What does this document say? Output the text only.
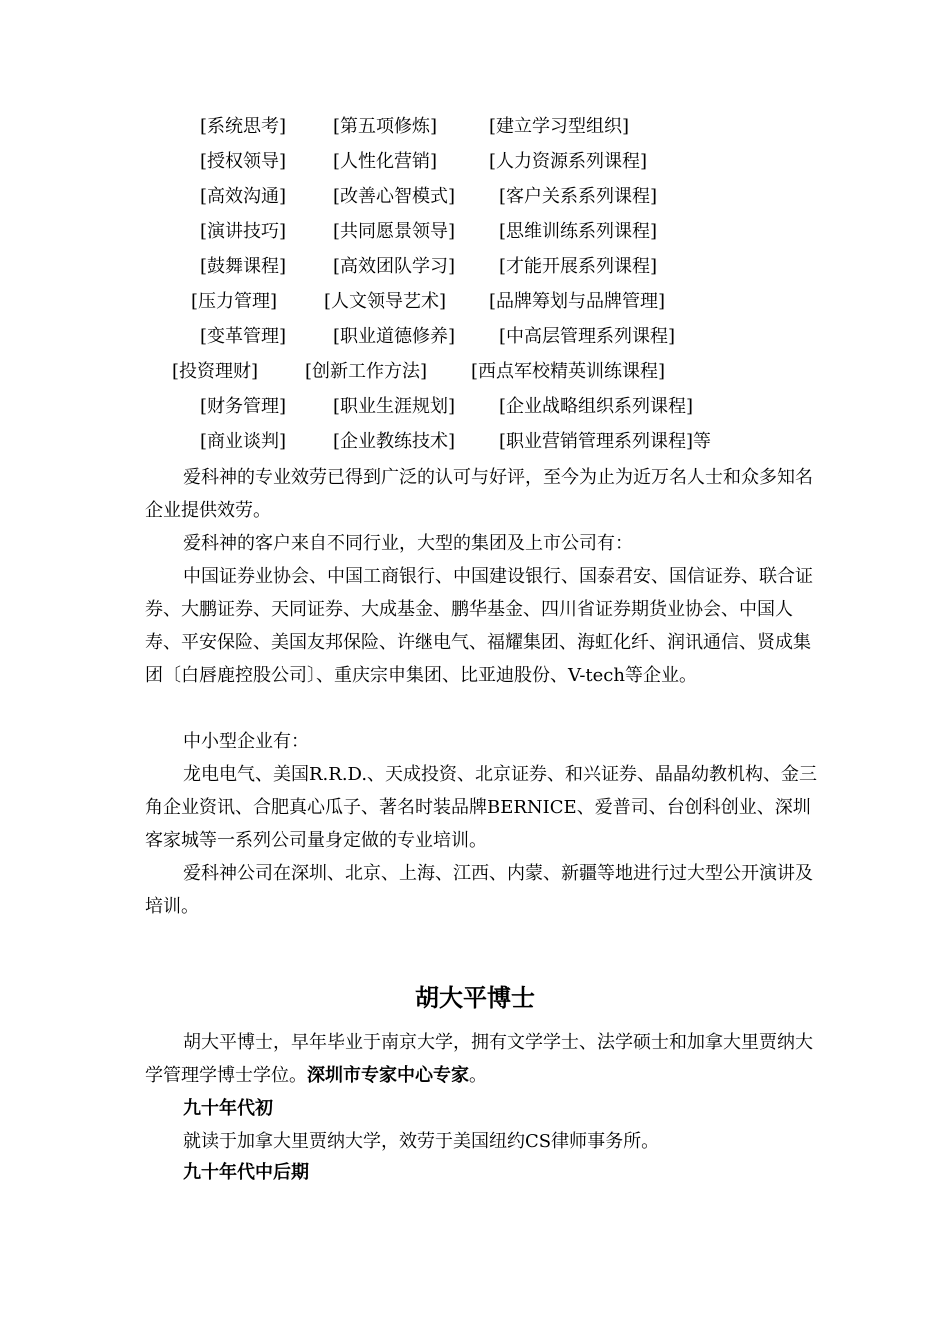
[系统思考]	[第五项修炼]	[建立学习型组织]
[授权领导]	[人性化营销]	[人力资源系列课程]
[高效沟通]	[改善心智模式] [客户关系系列课程]
[演讲技巧]	[共同愿景领导] [思维训练系列课程]
[鼓舞课程]	[高效团队学习] [才能开展系列课程]
[压力管理]	[人文领导艺术] [品牌筹划与品牌管理]
[变革管理]	[职业道德修养] [中高层管理系列课程]
[投资理财]	[创新工作方法] [西点军校精英训练课程]
[财务管理]	[职业生涯规划] [企业战略组织系列课程]
[商业谈判]	[企业教练技术] [职业营销管理系列课程]等

爱科神的专业效劳已得到广泛的认可与好评，至今为止为近万名人士和众多知名企业提供效劳。

爱科神的客户来自不同行业，大型的集团及上市公司有：

中国证券业协会、中国工商银行、中国建设银行、国泰君安、国信证券、联合证券、大鹏证券、天同证券、大成基金、鹏华基金、四川省证券期货业协会、中国人寿、平安保险、美国友邦保险、许继电气、福耀集团、海虹化纤、润讯通信、贤成集团〔白唇鹿控股公司〕、重庆宗申集团、比亚迪股份、V-tech等企业。

中小型企业有：

龙电电气、美国R.R.D.、天成投资、北京证券、和兴证券、晶晶幼教机构、金三角企业资讯、合肥真心瓜子、著名时装品牌BERNICE、爱普司、台创科创业、深圳客家城等一系列公司量身定做的专业培训。

爱科神公司在深圳、北京、上海、江西、内蒙、新疆等地进行过大型公开演讲及培训。

胡大平博士

胡大平博士，早年毕业于南京大学，拥有文学学士、法学硕士和加拿大里贾纳大学管理学博士学位。深圳市专家中心专家。

九十年代初

就读于加拿大里贾纳大学，效劳于美国纽约CS律师事务所。

九十年代中后期
